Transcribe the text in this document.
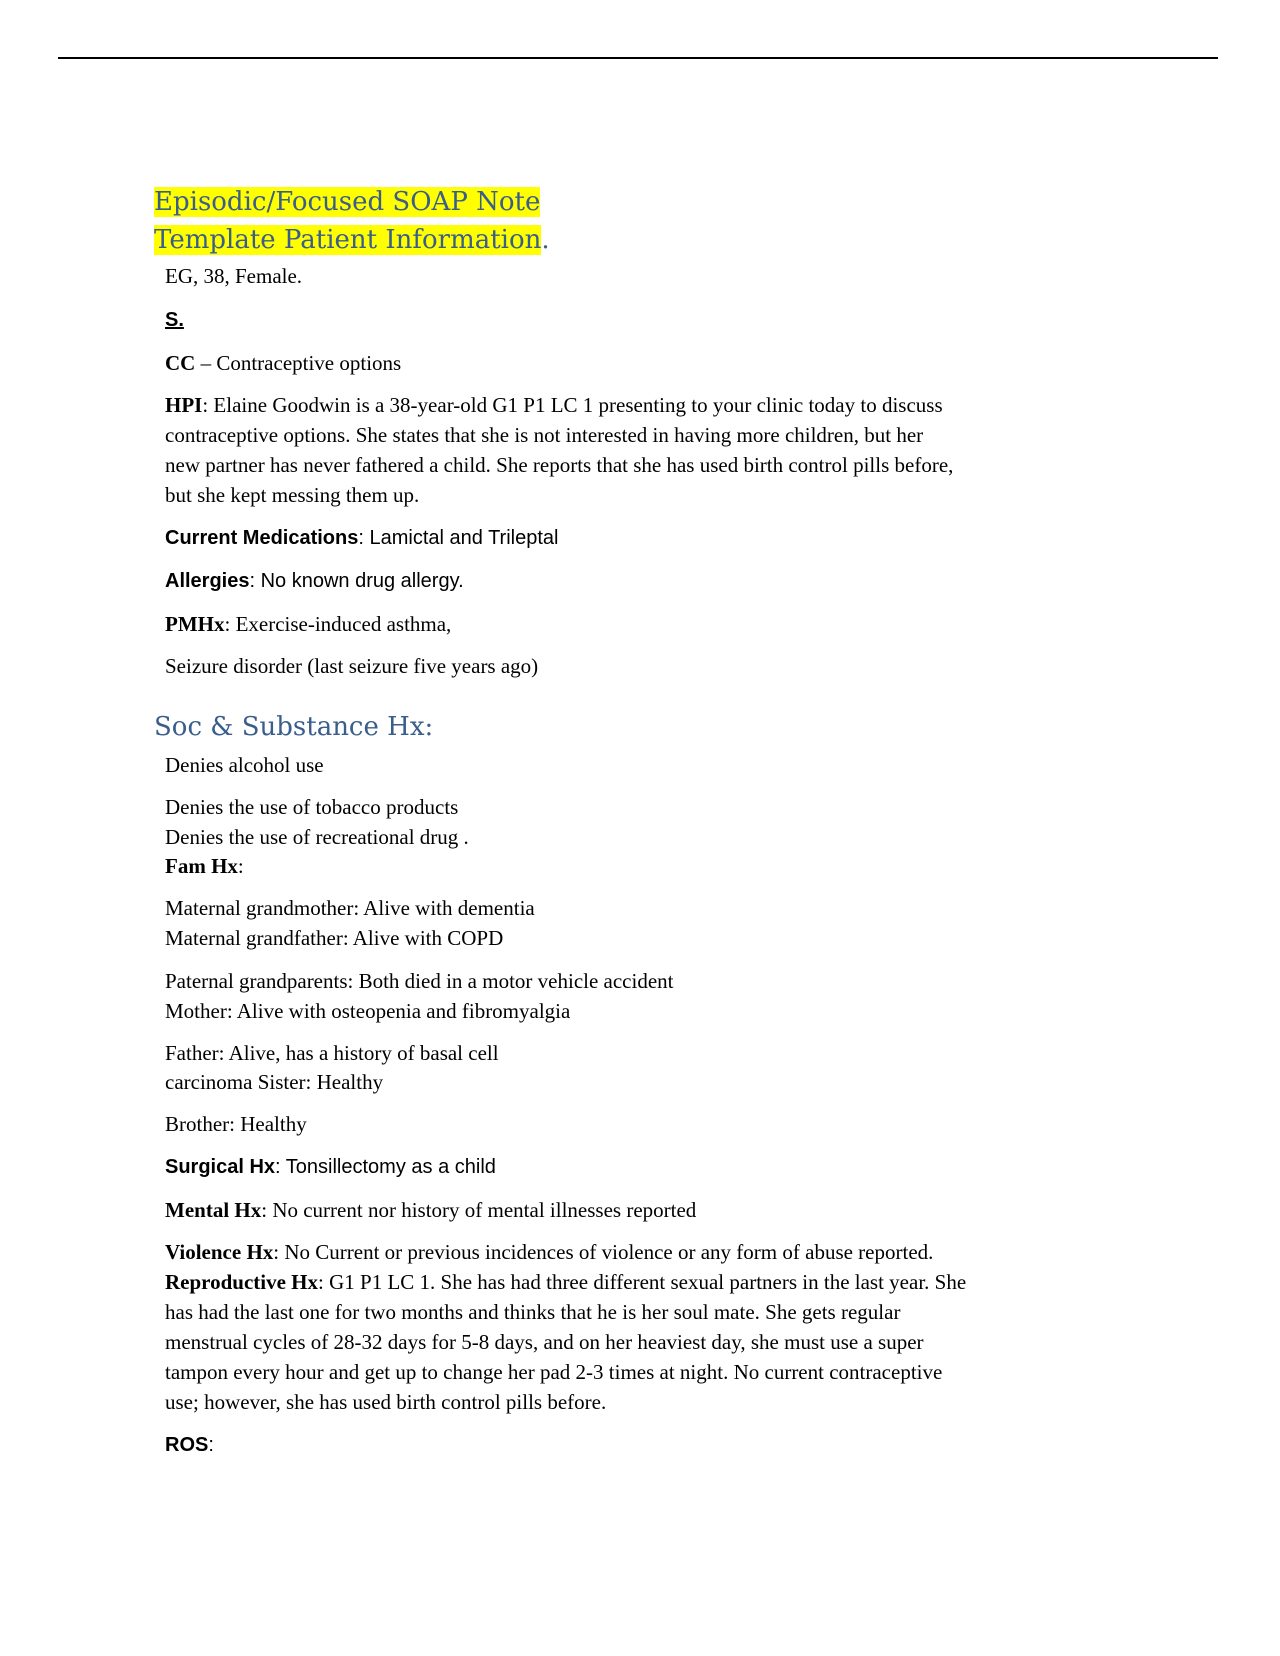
Episodic/Focused SOAP Note
Template Patient Information.
EG, 38, Female.
S.
CC – Contraceptive options
HPI: Elaine Goodwin is a 38-year-old G1 P1 LC 1 presenting to your clinic today to discuss
contraceptive options. She states that she is not interested in having more children, but her
new partner has never fathered a child. She reports that she has used birth control pills before,
but she kept messing them up.
Current Medications: Lamictal and Trileptal
Allergies: No known drug allergy.
PMHx: Exercise-induced asthma,
Seizure disorder (last seizure five years ago)
Soc & Substance Hx:
Denies alcohol use
Denies the use of tobacco products
Denies the use of recreational drug .
Fam Hx:
Maternal grandmother: Alive with dementia
Maternal grandfather: Alive with COPD
Paternal grandparents: Both died in a motor vehicle accident
Mother: Alive with osteopenia and fibromyalgia
Father: Alive, has a history of basal cell
carcinoma Sister: Healthy
Brother: Healthy
Surgical Hx: Tonsillectomy as a child
Mental Hx: No current nor history of mental illnesses reported
Violence Hx: No Current or previous incidences of violence or any form of abuse reported.
Reproductive Hx: G1 P1 LC 1. She has had three different sexual partners in the last year. She
has had the last one for two months and thinks that he is her soul mate. She gets regular
menstrual cycles of 28-32 days for 5-8 days, and on her heaviest day, she must use a super
tampon every hour and get up to change her pad 2-3 times at night. No current contraceptive
use; however, she has used birth control pills before.
ROS:
